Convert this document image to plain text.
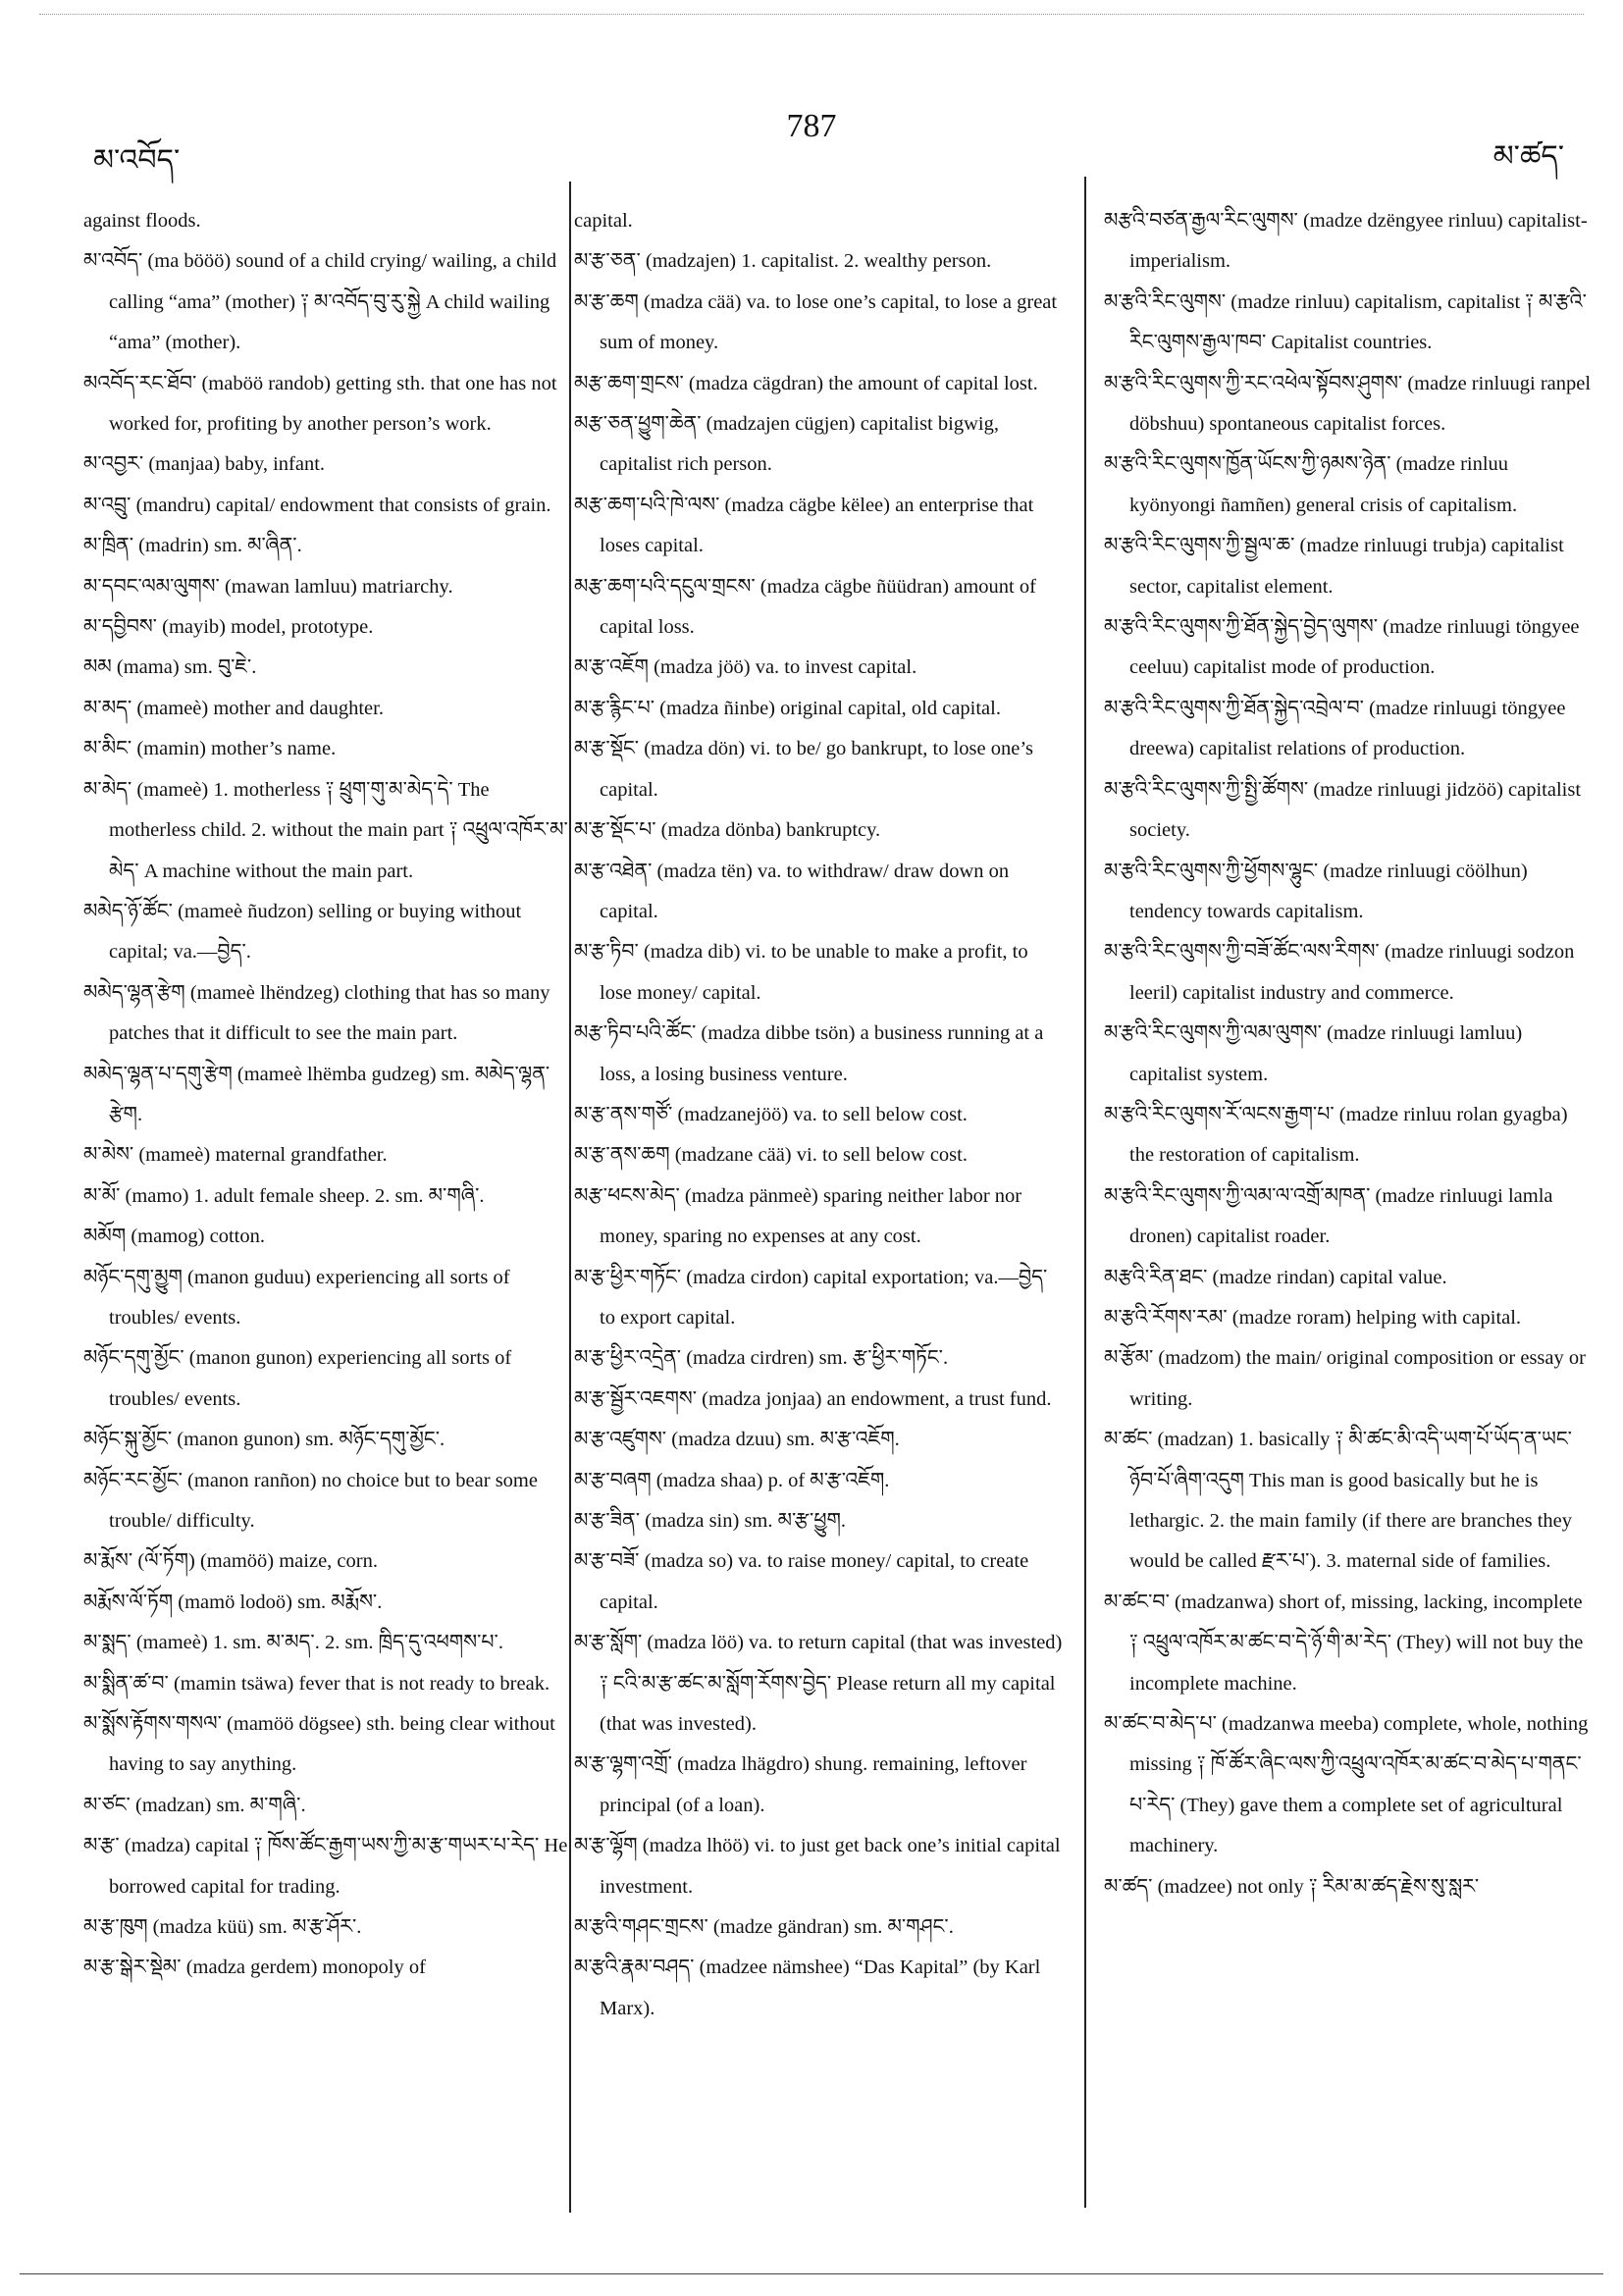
མ་འབོད་
787
མ་ཚད་

against floods.

མ་འབོད་ (ma bööö) sound of a child crying/ wailing, a child calling “ama” (mother) ༑ མ་འབོད་བུ་རུ་སྐྱེ A child wailing “ama” (mother).

མའབོད་རང་ཐོབ་ (maböö randob) getting sth. that one has not worked for, profiting by another person’s work.

མ་འབྱར་ (manjaa) baby, infant.

མ་འབྲུ་ (mandru) capital/ endowment that consists of grain.

མ་ཁྲིན་ (madrin) sm. མ་ཞིན་.

མ་དབང་ལམ་ལུགས་ (mawan lamluu) matriarchy.

མ་དབྱིབས་ (mayib) model, prototype.

མམ (mama) sm. བུ་ཇེ་.

མ་མད་ (mameè) mother and daughter.

མ་མིང་ (mamin) mother’s name.

མ་མེད་ (mameè) 1. motherless ༑ ཕྲུག་གུ་མ་མེད་དེ་ The motherless child. 2. without the main part ༑ འཕྲུལ་འཁོར་མ་མེད་ A machine without the main part.

མམེད་ཉོ་ཚོང་ (mameè ñudzon) selling or buying without capital; va.—བྱེད་.

མམེད་ལྷན་རྩེག (mameè lhëndzeg) clothing that has so many patches that it difficult to see the main part.

མམེད་ལྷན་པ་དགུ་རྩེག (mameè lhëmba gudzeg) sm. མམེད་ལྷན་རྩེག.

མ་མེས་ (mameè) maternal grandfather.

མ་མོ་ (mamo) 1. adult female sheep. 2. sm. མ་གཞི་.

མམོག (mamog) cotton.

མཉོང་དགུ་མྱུག (manon guduu) experiencing all sorts of troubles/ events.

མཉོང་དགུ་མྱོང་ (manon gunon) experiencing all sorts of troubles/ events.

མཉོང་སྐུ་མྱོང་ (manon gunon) sm. མཉོང་དགུ་མྱོང་.

མཉོང་རང་མྱོང་ (manon ranñon) no choice but to bear some trouble/ difficulty.

མ་རྨོས་ (ལོ་ཏོག) (mamöö) maize, corn.

མརྨོས་ལོ་ཏོག (mamö lodoö) sm. མརྨོས་.

མ་སྨད་ (mameè) 1. sm. མ་མད་. 2. sm. ཁྲིད་དུ་འཕགས་པ་.

མ་སྨིན་ཚ་བ་ (mamin tsäwa) fever that is not ready to break.

མ་སྨོས་རྟོགས་གསལ་ (mamöö dögsee) sth. being clear without having to say anything.

མ་ཙང་ (madzan) sm. མ་གཞི་.

མ་རྩ་ (madza) capital ༑ ཁོས་ཚོང་རྒྱག་ཡས་ཀྱི་མ་རྩ་གཡར་པ་རེད་ He borrowed capital for trading.

མ་རྩ་ཁུག (madza küü) sm. མ་རྩ་ཤོར་.

མ་རྩ་སྒེར་སྡེམ་ (madza gerdem) monopoly of

capital.

མ་རྩ་ཅན་ (madzajen) 1. capitalist. 2. wealthy person.

མ་རྩ་ཆག (madza cää) va. to lose one’s capital, to lose a great sum of money.

མརྩ་ཆག་གྲངས་ (madza cägdran) the amount of capital lost.

མརྩ་ཅན་ཕྱུག་ཆེན་ (madzajen cügjen) capitalist bigwig, capitalist rich person.

མརྩ་ཆག་པའི་ཁེ་ལས་ (madza cägbe këlee) an enterprise that loses capital.

མརྩ་ཆག་པའི་དངུལ་གྲངས་ (madza cägbe ñüüdran) amount of capital loss.

མ་རྩ་འཇོག (madza jöö) va. to invest capital.

མ་རྩ་རྙིང་པ་ (madza ñinbe) original capital, old capital.

མ་རྩ་སྡོང་ (madza dön) vi. to be/ go bankrupt, to lose one’s capital.

མ་རྩ་སྡོང་པ་ (madza dönba) bankruptcy.

མ་རྩ་འཐེན་ (madza tën) va. to withdraw/ draw down on capital.

མ་རྩ་ཏིབ་ (madza dib) vi. to be unable to make a profit, to lose money/ capital.

མརྩ་ཏིབ་པའི་ཚོང་ (madza dibbe tsön) a business running at a loss, a losing business venture.

མ་རྩ་ནས་གཙོ་ (madzanejöö) va. to sell below cost.

མ་རྩ་ནས་ཆག (madzane cää) vi. to sell below cost.

མརྩ་ཕངས་མེད་ (madza pänmeè) sparing neither labor nor money, sparing no expenses at any cost.

མ་རྩ་ཕྱིར་གཏོང་ (madza cirdon) capital exportation; va.—བྱེད་ to export capital.

མ་རྩ་ཕྱིར་འདྲེན་ (madza cirdren) sm. རྩ་ཕྱིར་གཏོང་.

མ་རྩ་སྦྱོར་འཇགས་ (madza jonjaa) an endowment, a trust fund.

མ་རྩ་འཛུགས་ (madza dzuu) sm. མ་རྩ་འཇོག.

མ་རྩ་བཞག (madza shaa) p. of མ་རྩ་འཇོག.

མ་རྩ་ཟིན་ (madza sin) sm. མ་རྩ་ཕྱུག.

མ་རྩ་བཟོ་ (madza so) va. to raise money/ capital, to create capital.

མ་རྩ་སློག་ (madza löö) va. to return capital (that was invested) ༑ ངའི་མ་རྩ་ཚང་མ་སློག་རོགས་བྱེད་ Please return all my capital (that was invested).

མ་རྩ་ལྷག་འགྲོ་ (madza lhägdro) shung. remaining, leftover principal (of a loan).

མ་རྩ་ལྷོག (madza lhöö) vi. to just get back one’s initial capital investment.

མ་རྩའི་གཤང་གྲངས་ (madze gändran) sm. མ་གཤང་.

མ་རྩའི་རྣམ་བཤད་ (madzee nämshee) “Das Kapital” (by Karl Marx).

མརྩའི་བཙན་རྒྱལ་རིང་ལུགས་ (madze dzëngyee rinluu) capitalist-imperialism.

མ་རྩའི་རིང་ལུགས་ (madze rinluu) capitalism, capitalist ༑ མ་རྩའི་རིང་ལུགས་རྒྱལ་ཁབ་ Capitalist countries.

མ་རྩའི་རིང་ལུགས་ཀྱི་རང་འཕེལ་སྟོབས་ཤུགས་ (madze rinluugi ranpel döbshuu) spontaneous capitalist forces.

མ་རྩའི་རིང་ལུགས་ཁྱོན་ཡོངས་ཀྱི་ཉམས་ཉེན་ (madze rinluu kyönyongi ñamñen) general crisis of capitalism.

མ་རྩའི་རིང་ལུགས་ཀྱི་སྦྱལ་ཆ་ (madze rinluugi trubja) capitalist sector, capitalist element.

མ་རྩའི་རིང་ལུགས་ཀྱི་ཐོན་སྐྱེད་བྱེད་ལུགས་ (madze rinluugi töngyee ceeluu) capitalist mode of production.

མ་རྩའི་རིང་ལུགས་ཀྱི་ཐོན་སྐྱེད་འབྲེལ་བ་ (madze rinluugi töngyee dreewa) capitalist relations of production.

མ་རྩའི་རིང་ལུགས་ཀྱི་སྤྱི་ཚོགས་ (madze rinluugi jidzöö) capitalist society.

མ་རྩའི་རིང་ལུགས་ཀྱི་ཕྱོགས་ལྷུང་ (madze rinluugi cöölhun) tendency towards capitalism.

མ་རྩའི་རིང་ལུགས་ཀྱི་བཟོ་ཚོང་ལས་རིགས་ (madze rinluugi sodzon leeril) capitalist industry and commerce.

མ་རྩའི་རིང་ལུགས་ཀྱི་ལམ་ལུགས་ (madze rinluugi lamluu) capitalist system.

མ་རྩའི་རིང་ལུགས་རོ་ལངས་རྒྱག་པ་ (madze rinluu rolan gyagba) the restoration of capitalism.

མ་རྩའི་རིང་ལུགས་ཀྱི་ལམ་ལ་འགྲོ་མཁན་ (madze rinluugi lamla dronen) capitalist roader.

མརྩའི་རིན་ཐང་ (madze rindan) capital value.

མ་རྩའི་རོགས་རམ་ (madze roram) helping with capital.

མ་རྩོམ་ (madzom) the main/ original composition or essay or writing.

མ་ཚང་ (madzan) 1. basically ༑ མི་ཚང་མི་འདི་ཡག་པོ་ཡོད་ན་ཡང་ཉོབ་པོ་ཞིག་འདུག This man is good basically but he is lethargic. 2. the main family (if there are branches they would be called རྫར་པ་). 3. maternal side of families.

མ་ཚང་བ་ (madzanwa) short of, missing, lacking, incomplete ༑ འཕྲུལ་འཁོར་མ་ཚང་བ་དེ་ཉོ་གི་མ་རེད་ (They) will not buy the incomplete machine.

མ་ཚང་བ་མེད་པ་ (madzanwa meeba) complete, whole, nothing missing ༑ ཁོ་ཚོར་ཞིང་ལས་ཀྱི་འཕྲུལ་འཁོར་མ་ཚང་བ་མེད་པ་གནང་པ་རེད་ (They) gave them a complete set of agricultural machinery.

མ་ཚད་ (madzee) not only ༑ རིམ་མ་ཚད་རྗེས་སུ་སླར་
